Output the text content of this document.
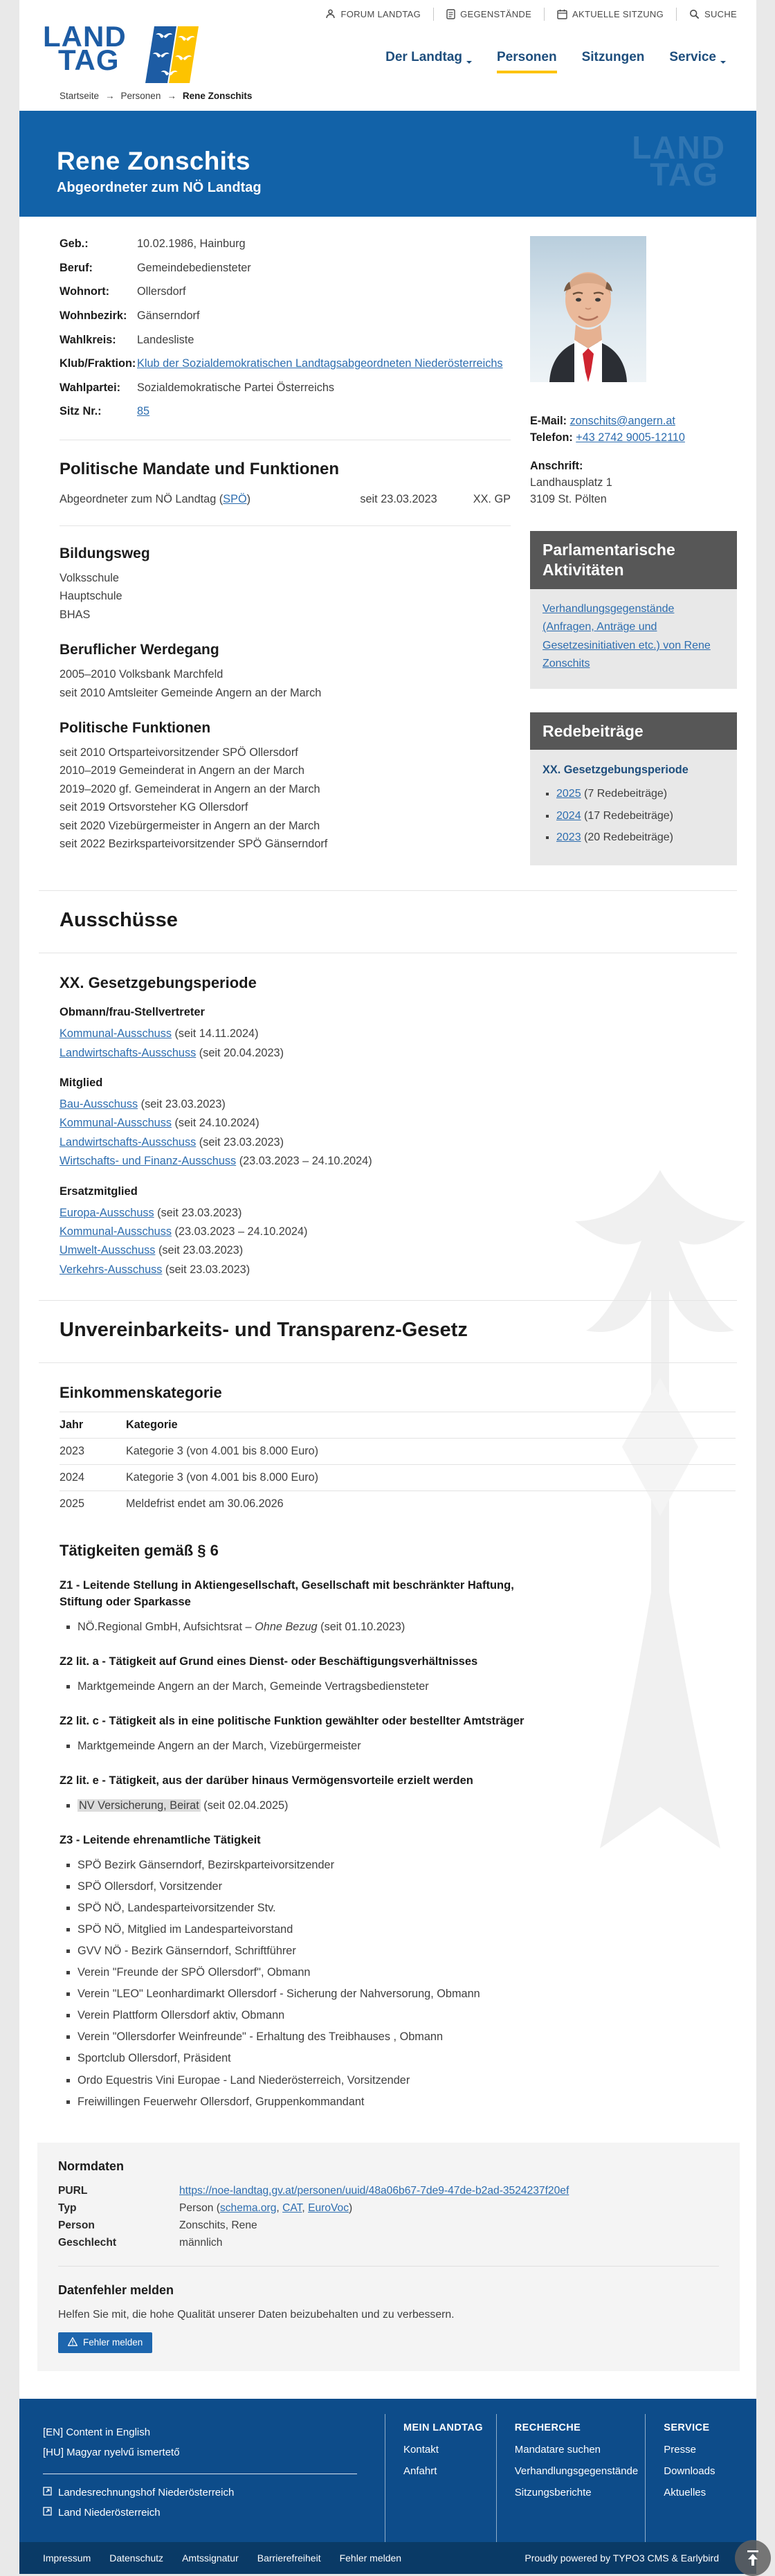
FORUM LANDTAG	GEGENSTÄNDE	AKTUELLE SITZUNG	SUCHE
LAND
TAG	Der Landtag	Personen Sitzungen Service
Startseite → Personen → Rene Zonschits
Rene Zonschits

Abgeordneter zum NÖ Landtag

LAND
TAG
Geb.:	10.02.1986, Hainburg
Beruf:	Gemeindebediensteter
Wohnort:	Ollersdorf
Wohnbezirk: Gänserndorf
Wahlkreis:	Landesliste
Klub/Fraktion: Klub der Sozialdemokratischen Landtagsabgeordneten Niederösterreichs
Wahlpartei:	Sozialdemokratische Partei Österreichs
Sitz Nr.:	85
Politische Mandate und Funktionen
Abgeordneter zum NÖ Landtag (SPÖ)	seit 23.03.2023	XX. GP
Bildungsweg
Volksschule
Hauptschule
BHAS
Beruflicher Werdegang
2005–2010 Volksbank Marchfeld
seit 2010 Amtsleiter Gemeinde Angern an der March
Politische Funktionen
seit 2010 Ortsparteivorsitzender SPÖ Ollersdorf
2010–2019 Gemeinderat in Angern an der March
2019–2020 gf. Gemeinderat in Angern an der March
seit 2019 Ortsvorsteher KG Ollersdorf
seit 2020 Vizebürgermeister in Angern an der March
seit 2022 Bezirksparteivorsitzender SPÖ Gänserndorf
E-Mail: zonschits@angern.at
Telefon: +43 2742 9005-12110
Anschrift:
Landhausplatz 1
3109 St. Pölten
Parlamentarische Aktivitäten
Verhandlungsgegenstände (Anfragen, Anträge und Gesetzesinitiativen etc.) von Rene Zonschits
Redebeiträge
XX. Gesetzgebungsperiode
▪ 2025 (7 Redebeiträge)
▪ 2024 (17 Redebeiträge)
▪ 2023 (20 Redebeiträge)
Ausschüsse
XX. Gesetzgebungsperiode
Obmann/frau-Stellvertreter
Kommunal-Ausschuss (seit 14.11.2024)
Landwirtschafts-Ausschuss (seit 20.04.2023)
Mitglied
Bau-Ausschuss (seit 23.03.2023)
Kommunal-Ausschuss (seit 24.10.2024)
Landwirtschafts-Ausschuss (seit 23.03.2023)
Wirtschafts- und Finanz-Ausschuss (23.03.2023 – 24.10.2024)
Ersatzmitglied
Europa-Ausschuss (seit 23.03.2023)
Kommunal-Ausschuss (23.03.2023 – 24.10.2024)
Umwelt-Ausschuss (seit 23.03.2023)
Verkehrs-Ausschuss (seit 23.03.2023)
Unvereinbarkeits- und Transparenz-Gesetz
Einkommenskategorie
Jahr	Kategorie
2023	Kategorie 3 (von 4.001 bis 8.000 Euro)
2024	Kategorie 3 (von 4.001 bis 8.000 Euro)
2025	Meldefrist endet am 30.06.2026
Tätigkeiten gemäß § 6
Z1 - Leitende Stellung in Aktiengesellschaft, Gesellschaft mit beschränkter Haftung, Stiftung oder Sparkasse
▪ NÖ.Regional GmbH, Aufsichtsrat – Ohne Bezug (seit 01.10.2023)
Z2 lit. a - Tätigkeit auf Grund eines Dienst- oder Beschäftigungsverhältnisses
▪ Marktgemeinde Angern an der March, Gemeinde Vertragsbediensteter
Z2 lit. c - Tätigkeit als in eine politische Funktion gewählter oder bestellter Amtsträger
▪ Marktgemeinde Angern an der March, Vizebürgermeister
Z2 lit. e - Tätigkeit, aus der darüber hinaus Vermögensvorteile erzielt werden
▪ NV Versicherung, Beirat (seit 02.04.2025)
Z3 - Leitende ehrenamtliche Tätigkeit
▪ SPÖ Bezirk Gänserndorf, Bezirskparteivorsitzender
▪ SPÖ Ollersdorf, Vorsitzender
▪ SPÖ NÖ, Landesparteivorsitzender Stv.
▪ SPÖ NÖ, Mitglied im Landesparteivorstand
▪ GVV NÖ - Bezirk Gänserndorf, Schriftführer
▪ Verein "Freunde der SPÖ Ollersdorf", Obmann
▪ Verein "LEO" Leonhardimarkt Ollersdorf - Sicherung der Nahversorung, Obmann
▪ Verein Plattform Ollersdorf aktiv, Obmann
▪ Verein "Ollersdorfer Weinfreunde" - Erhaltung des Treibhauses , Obmann
▪ Sportclub Ollersdorf, Präsident
▪ Ordo Equestris Vini Europae - Land Niederösterreich, Vorsitzender
▪ Freiwillingen Feuerwehr Ollersdorf, Gruppenkommandant
Normdaten
PURL	https://noe-landtag.gv.at/personen/uuid/48a06b67-7de9-47de-b2ad-3524237f20ef
Typ	Person (schema.org, CAT, EuroVoc)
Person	Zonschits, Rene
Geschlecht	männlich
Datenfehler melden

Helfen Sie mit, die hohe Qualität unserer Daten beizubehalten und zu verbessern.

Fehler melden
[EN] Content in English
[HU] Magyar nyelvű ismertető
Landesrechnungshof Niederösterreich
Land Niederösterreich
MEIN LANDTAG
Kontakt
Anfahrt
RECHERCHE
Mandatare suchen
Verhandlungsgegenstände
Sitzungsberichte
SERVICE
Presse
Downloads
Aktuelles
Impressum Datenschutz Amtssignatur Barrierefreiheit Fehler melden	Proudly powered by TYPO3 CMS & Earlybird
